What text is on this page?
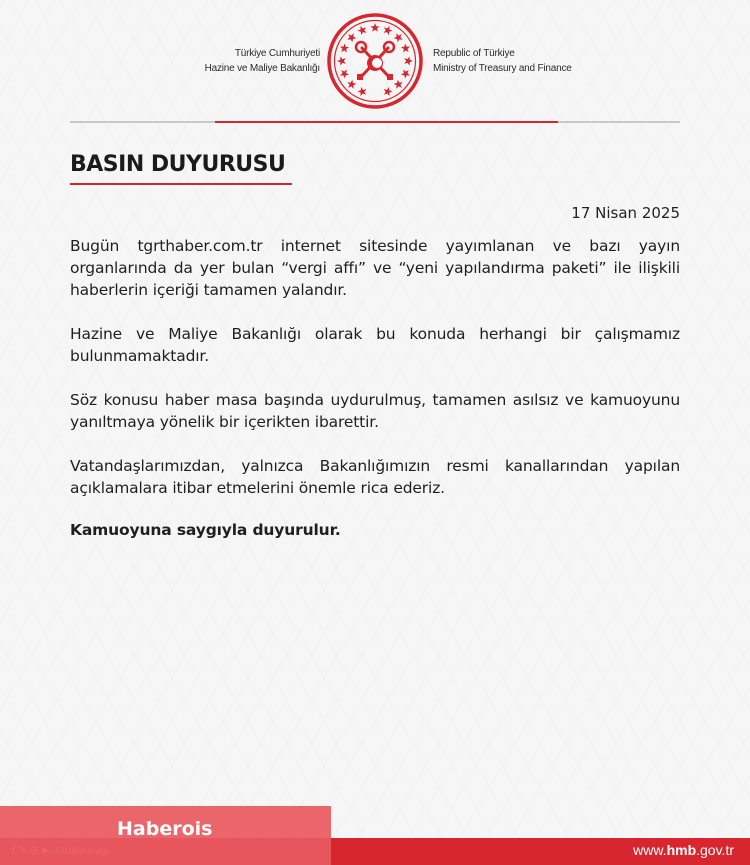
Türkiye Cumhuriyeti
Hazine ve Maliye Bakanlığı
Republic of Türkiye
Ministry of Treasury and Finance
BASIN DUYURUSU
17 Nisan 2025

Bugün tgrthaber.com.tr internet sitesinde yayımlanan ve bazı yayın organlarında da yer bulan “vergi affı” ve “yeni yapılandırma paketi” ile ilişkili haberlerin içeriği tamamen yalandır.

Hazine ve Maliye Bakanlığı olarak bu konuda herhangi bir çalışmamız bulunmamaktadır.

Söz konusu haber masa başında uydurulmuş, tamamen asılsız ve kamuoyunu yanıltmaya yönelik bir içerikten ibarettir.

Vatandaşlarımızdan, yalnızca Bakanlığımızın resmi kanallarından yapılan açıklamalara itibar etmelerini önemle rica ederiz.

Kamuoyuna saygıyla duyurulur.

www.hmb.gov.tr
Haberois
